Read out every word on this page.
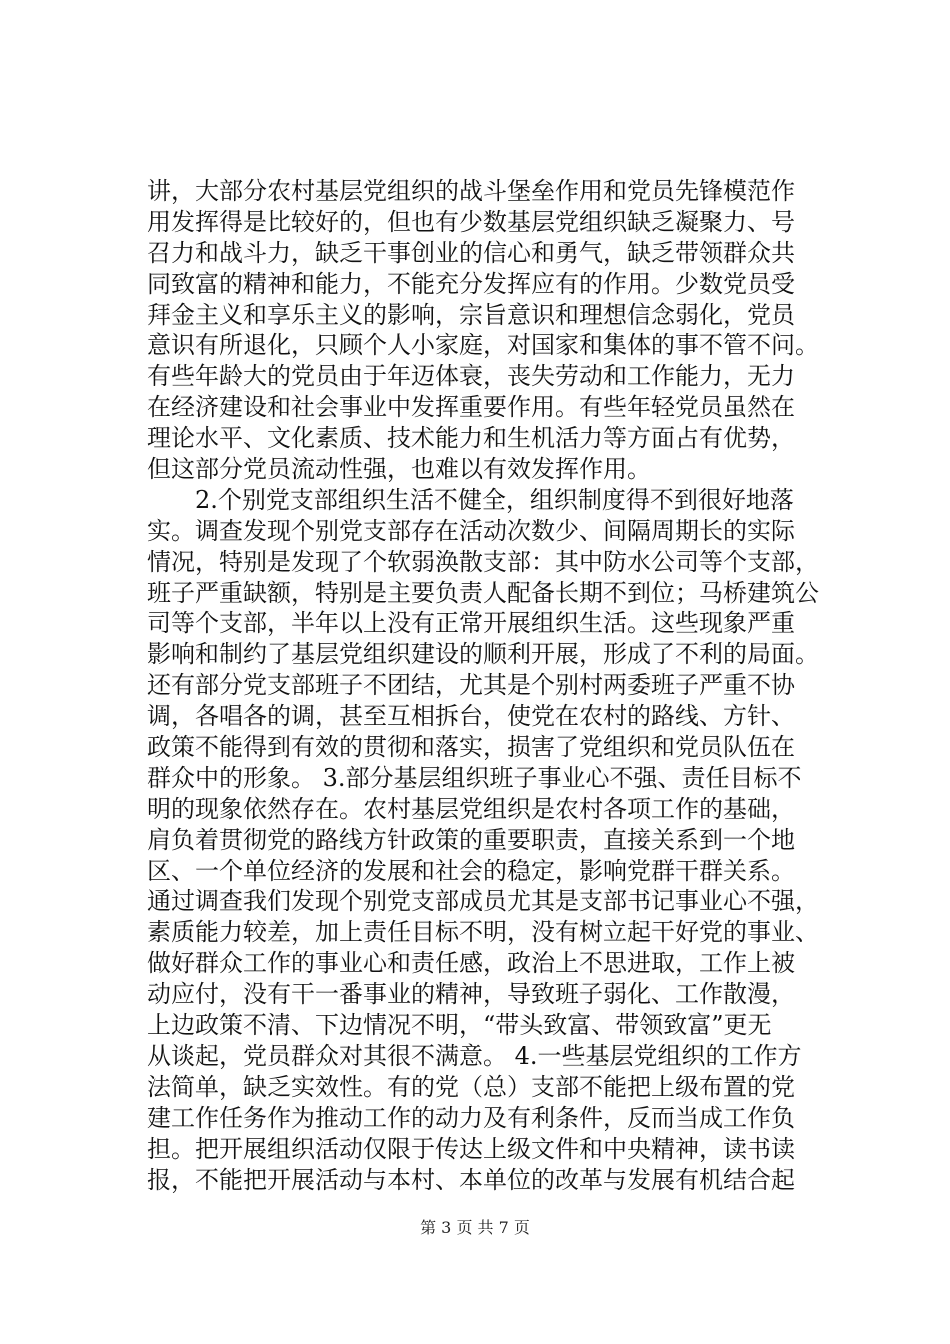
讲，大部分农村基层党组织的战斗堡垒作用和党员先锋模范作
用发挥得是比较好的，但也有少数基层党组织缺乏凝聚力、号
召力和战斗力，缺乏干事创业的信心和勇气，缺乏带领群众共
同致富的精神和能力，不能充分发挥应有的作用。少数党员受
拜金主义和享乐主义的影响，宗旨意识和理想信念弱化，党员
意识有所退化，只顾个人小家庭，对国家和集体的事不管不问。
有些年龄大的党员由于年迈体衰，丧失劳动和工作能力，无力
在经济建设和社会事业中发挥重要作用。有些年轻党员虽然在
理论水平、文化素质、技术能力和生机活力等方面占有优势，
但这部分党员流动性强，也难以有效发挥作用。
　　2.个别党支部组织生活不健全，组织制度得不到很好地落
实。调查发现个别党支部存在活动次数少、间隔周期长的实际
情况，特别是发现了个软弱涣散支部：其中防水公司等个支部，
班子严重缺额，特别是主要负责人配备长期不到位；马桥建筑公
司等个支部，半年以上没有正常开展组织生活。这些现象严重
影响和制约了基层党组织建设的顺利开展，形成了不利的局面。
还有部分党支部班子不团结，尤其是个别村两委班子严重不协
调，各唱各的调，甚至互相拆台，使党在农村的路线、方针、
政策不能得到有效的贯彻和落实，损害了党组织和党员队伍在
群众中的形象。 3.部分基层组织班子事业心不强、责任目标不
明的现象依然存在。农村基层党组织是农村各项工作的基础，
肩负着贯彻党的路线方针政策的重要职责，直接关系到一个地
区、一个单位经济的发展和社会的稳定，影响党群干群关系。
通过调查我们发现个别党支部成员尤其是支部书记事业心不强，
素质能力较差，加上责任目标不明，没有树立起干好党的事业、
做好群众工作的事业心和责任感，政治上不思进取，工作上被
动应付，没有干一番事业的精神，导致班子弱化、工作散漫，
上边政策不清、下边情况不明，“带头致富、带领致富”更无
从谈起，党员群众对其很不满意。 4.一些基层党组织的工作方
法简单，缺乏实效性。有的党（总）支部不能把上级布置的党
建工作任务作为推动工作的动力及有利条件，反而当成工作负
担。把开展组织活动仅限于传达上级文件和中央精神，读书读
报，不能把开展活动与本村、本单位的改革与发展有机结合起
第 3 页 共 7 页
